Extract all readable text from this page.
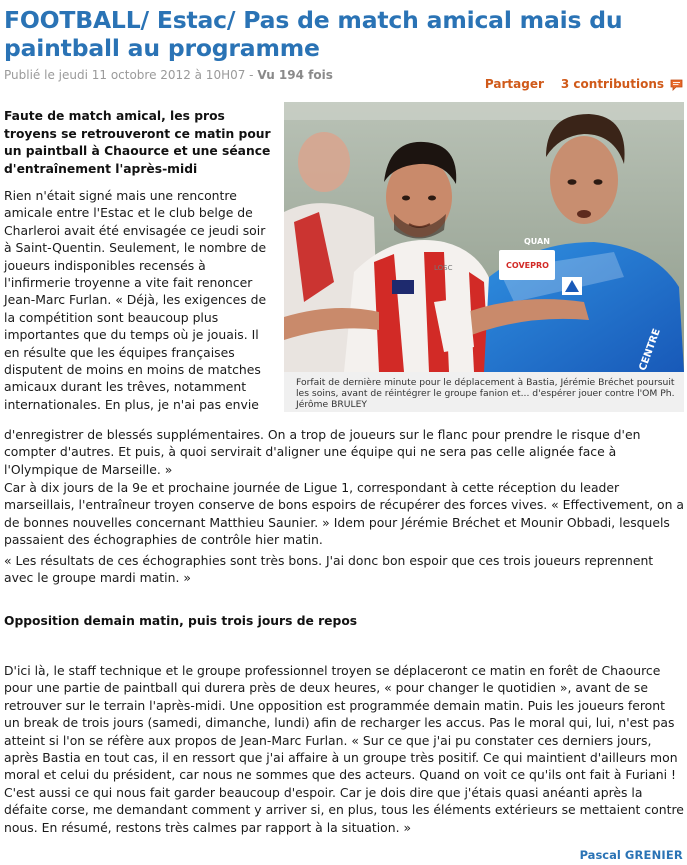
FOOTBALL/ Estac/ Pas de match amical mais du paintball au programme
Publié le jeudi 11 octobre 2012 à 10H07 - Vu 194 fois
Partager 3 contributions

Faute de match amical, les pros troyens se retrouveront ce matin pour un paintball à Chaource et une séance d'entraînement l'après-midi

LOSC	COVEPRO
QUAN
CENTRE

Forfait de dernière minute pour le déplacement à Bastia, Jérémie Bréchet poursuit les soins, avant de réintégrer le groupe fanion et... d'espérer jouer contre l'OM Ph. Jérôme BRULEY

Rien n'était signé mais une rencontre amicale entre l'Estac et le club belge de Charleroi avait été envisagée ce jeudi soir à Saint-Quentin. Seulement, le nombre de joueurs indisponibles recensés à l'infirmerie troyenne a vite fait renoncer Jean-Marc Furlan. « Déjà, les exigences de la compétition sont beaucoup plus importantes que du temps où je jouais. Il en résulte que les équipes françaises disputent de moins en moins de matches amicaux durant les trêves, notamment internationales. En plus, je n'ai pas envie

d'enregistrer de blessés supplémentaires. On a trop de joueurs sur le flanc pour prendre le risque d'en compter d'autres. Et puis, à quoi servirait d'aligner une équipe qui ne sera pas celle alignée face à l'Olympique de Marseille. »

Car à dix jours de la 9e et prochaine journée de Ligue 1, correspondant à cette réception du leader marseillais, l'entraîneur troyen conserve de bons espoirs de récupérer des forces vives. « Effectivement, on a de bonnes nouvelles concernant Matthieu Saunier. » Idem pour Jérémie Bréchet et Mounir Obbadi, lesquels passaient des échographies de contrôle hier matin.

« Les résultats de ces échographies sont très bons. J'ai donc bon espoir que ces trois joueurs reprennent avec le groupe mardi matin. »

Opposition demain matin, puis trois jours de repos

D'ici là, le staff technique et le groupe professionnel troyen se déplaceront ce matin en forêt de Chaource pour une partie de paintball qui durera près de deux heures, « pour changer le quotidien », avant de se retrouver sur le terrain l'après-midi. Une opposition est programmée demain matin. Puis les joueurs feront un break de trois jours (samedi, dimanche, lundi) afin de recharger les accus. Pas le moral qui, lui, n'est pas atteint si l'on se réfère aux propos de Jean-Marc Furlan. « Sur ce que j'ai pu constater ces derniers jours, après Bastia en tout cas, il en ressort que j'ai affaire à un groupe très positif. Ce qui maintient d'ailleurs mon moral et celui du président, car nous ne sommes que des acteurs. Quand on voit ce qu'ils ont fait à Furiani ! C'est aussi ce qui nous fait garder beaucoup d'espoir. Car je dois dire que j'étais quasi anéanti après la défaite corse, me demandant comment y arriver si, en plus, tous les éléments extérieurs se mettaient contre nous. En résumé, restons très calmes par rapport à la situation. »

Pascal GRENIER
